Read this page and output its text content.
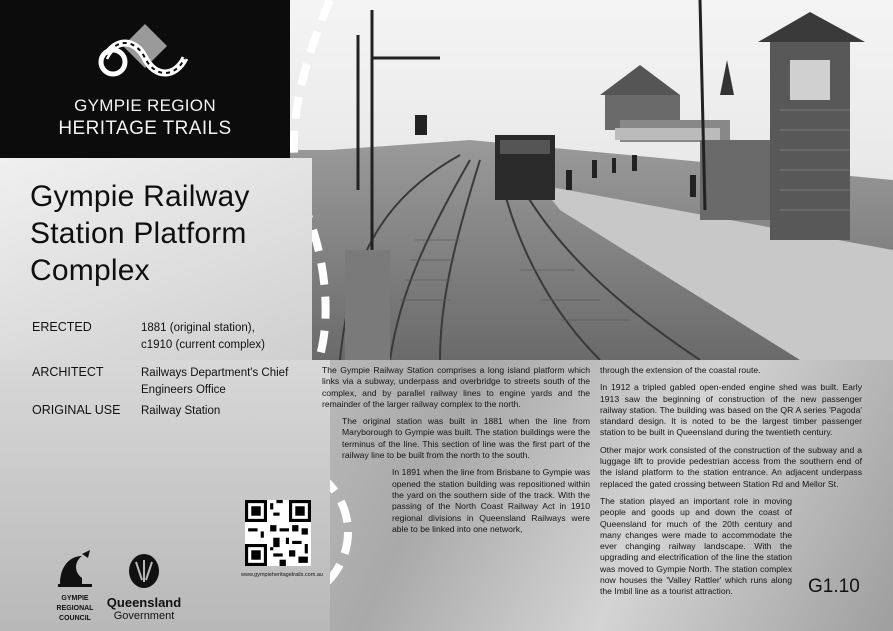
GYMPIE REGION
HERITAGE TRAILS
Gympie Railway
Station Platform
Complex
ERECTED	1881 (original station),
c1910 (current complex)
ARCHITECT	Railways Department's Chief
Engineers Office
ORIGINAL USE	Railway Station

The Gympie Railway Station comprises a long island platform which links via a subway, underpass and overbridge to streets south of the complex, and by parallel railway lines to engine yards and the remainder of the larger railway complex to the north.

The original station was built in 1881 when the line from Maryborough to Gympie was built. The station buildings were the terminus of the line. This section of line was the first part of the railway line to be built from the north to the south.

In 1891 when the line from Brisbane to Gympie was opened the station building was repositioned within the yard on the southern side of the track. With the passing of the North Coast Railway Act in 1910 regional divisions in Queensland Railways were able to be linked into one network,

through the extension of the coastal route.

In 1912 a tripled gabled open-ended engine shed was built. Early 1913 saw the beginning of construction of the new passenger railway station. The building was based on the QR A series 'Pagoda' standard design. It is noted to be the largest timber passenger station to be built in Queensland during the twentieth century.

Other major work consisted of the construction of the subway and a luggage lift to provide pedestrian access from the southern end of the island platform to the station entrance. An adjacent underpass replaced the gated crossing between Station Rd and Mellor St.

The station played an important role in moving people and goods up and down the coast of Queensland for much of the 20th century and many changes were made to accommodate the ever changing railway landscape. With the upgrading and electrification of the line the station was moved to Gympie North. The station complex now houses the 'Valley Rattler' which runs along the Imbil line as a tourist attraction.

www.gympieheritagetrails.com.au
GYMPIE
REGIONAL
COUNCIL
Queensland
Government
G1.10
